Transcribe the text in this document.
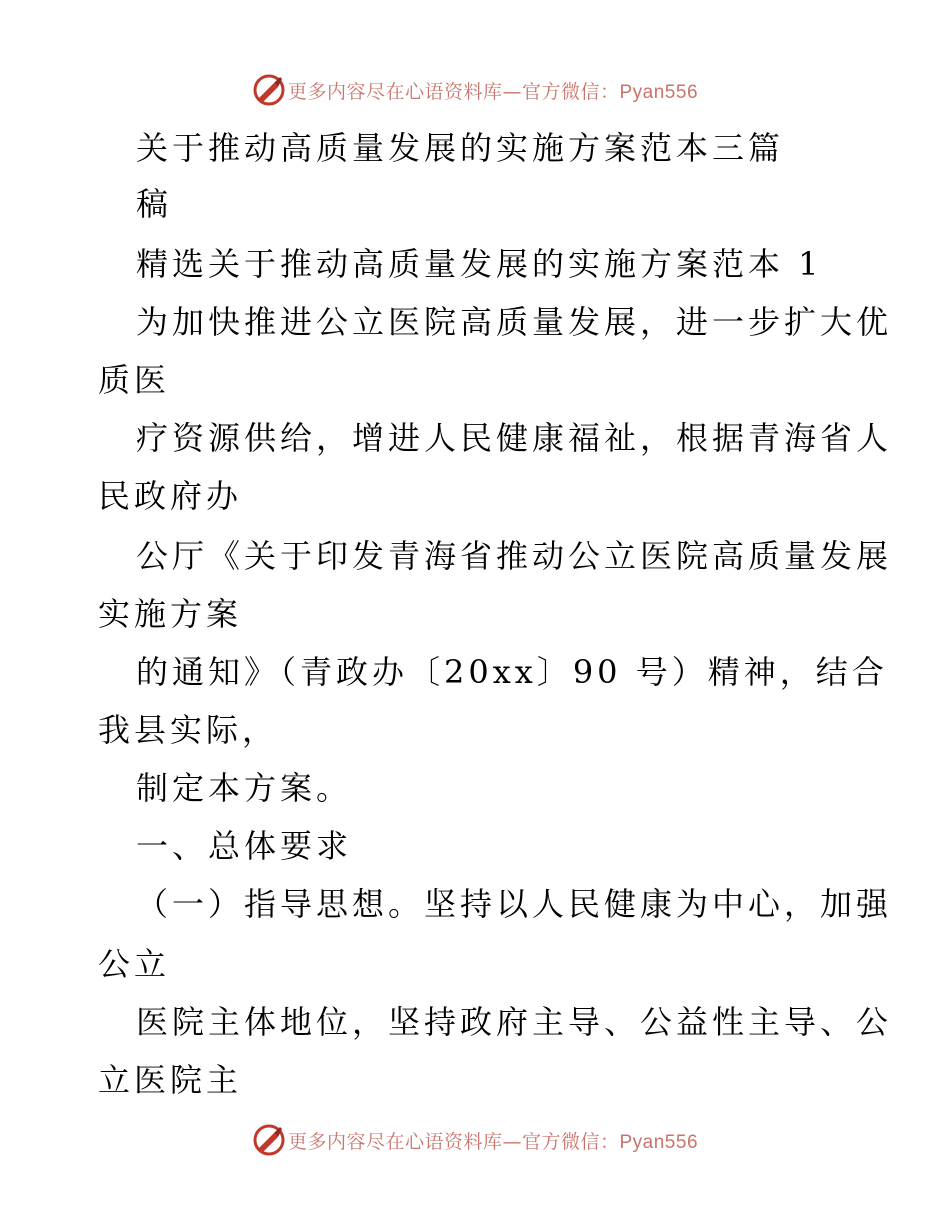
更多内容尽在心语资料库—官方微信：Pyan556
关于推动高质量发展的实施方案范本三篇
稿
精选关于推动高质量发展的实施方案范本 1
为加快推进公立医院高质量发展，进一步扩大优
质医
疗资源供给，增进人民健康福祉，根据青海省人
民政府办
公厅《关于印发青海省推动公立医院高质量发展
实施方案
的通知》（青政办〔20xx〕90 号）精神，结合
我县实际，
制定本方案。
一、总体要求
（一）指导思想。坚持以人民健康为中心，加强
公立
医院主体地位，坚持政府主导、公益性主导、公
立医院主
更多内容尽在心语资料库—官方微信：Pyan556
